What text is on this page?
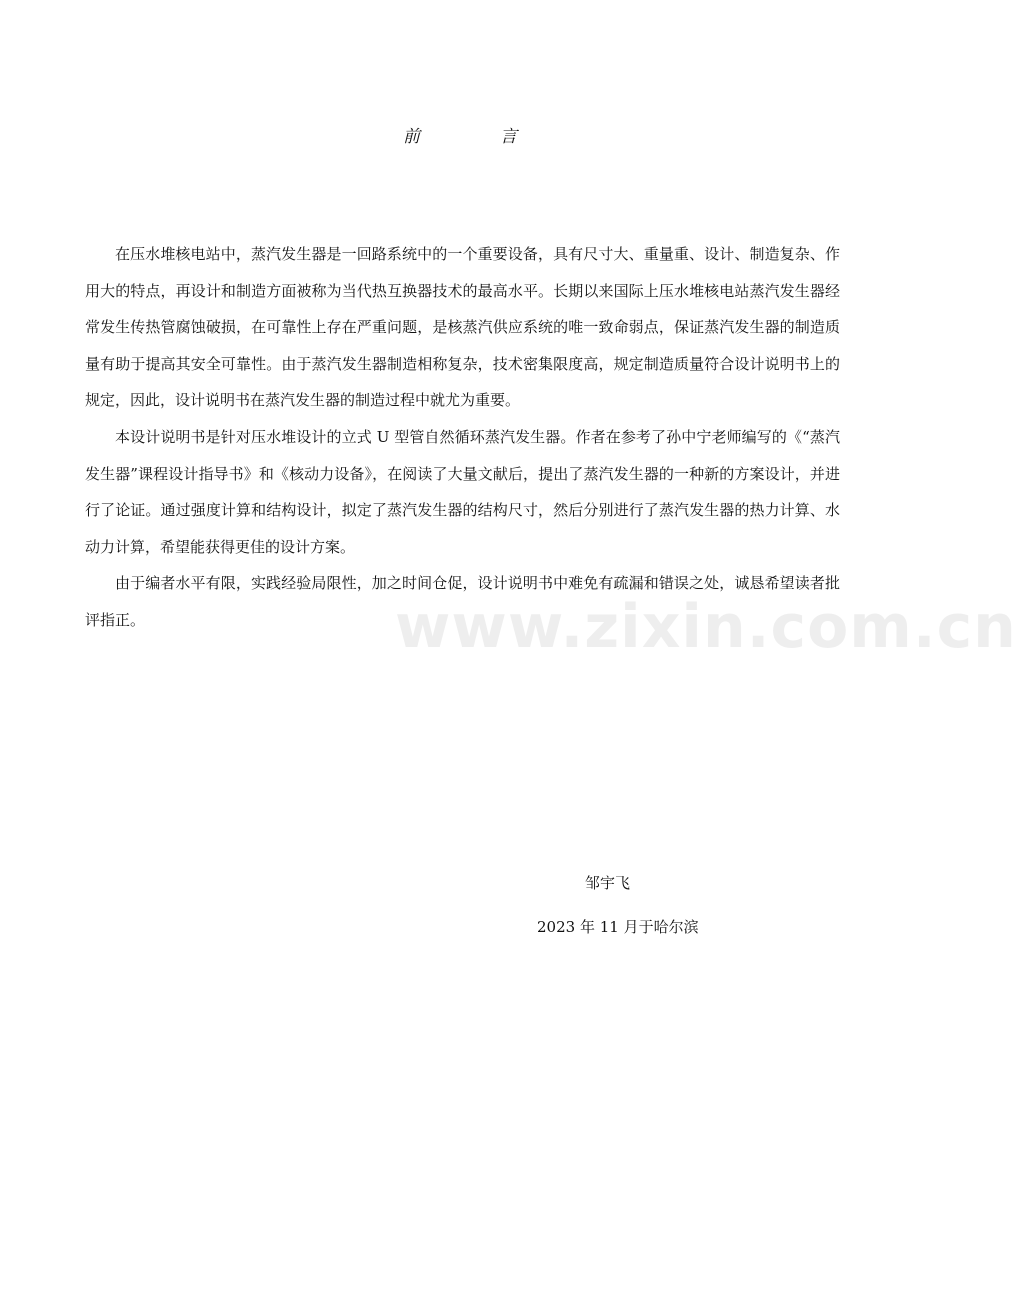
前	言

在压水堆核电站中，蒸汽发生器是一回路系统中的一个重要设备，具有尺寸大、重量重、设计、制造复杂、作用大的特点，再设计和制造方面被称为当代热互换器技术的最高水平。长期以来国际上压水堆核电站蒸汽发生器经常发生传热管腐蚀破损，在可靠性上存在严重问题，是核蒸汽供应系统的唯一致命弱点，保证蒸汽发生器的制造质量有助于提高其安全可靠性。由于蒸汽发生器制造相称复杂，技术密集限度高，规定制造质量符合设计说明书上的规定，因此，设计说明书在蒸汽发生器的制造过程中就尤为重要。

本设计说明书是针对压水堆设计的立式 U 型管自然循环蒸汽发生器。作者在参考了孙中宁老师编写的《“蒸汽发生器”课程设计指导书》和《核动力设备》，在阅读了大量文献后，提出了蒸汽发生器的一种新的方案设计，并进行了论证。通过强度计算和结构设计，拟定了蒸汽发生器的结构尺寸，然后分别进行了蒸汽发生器的热力计算、水动力计算，希望能获得更佳的设计方案。

由于编者水平有限，实践经验局限性，加之时间仓促，设计说明书中难免有疏漏和错误之处，诚恳希望读者批评指正。	www.zixin.com.cn
邹宇飞
2023 年 11 月于哈尔滨
